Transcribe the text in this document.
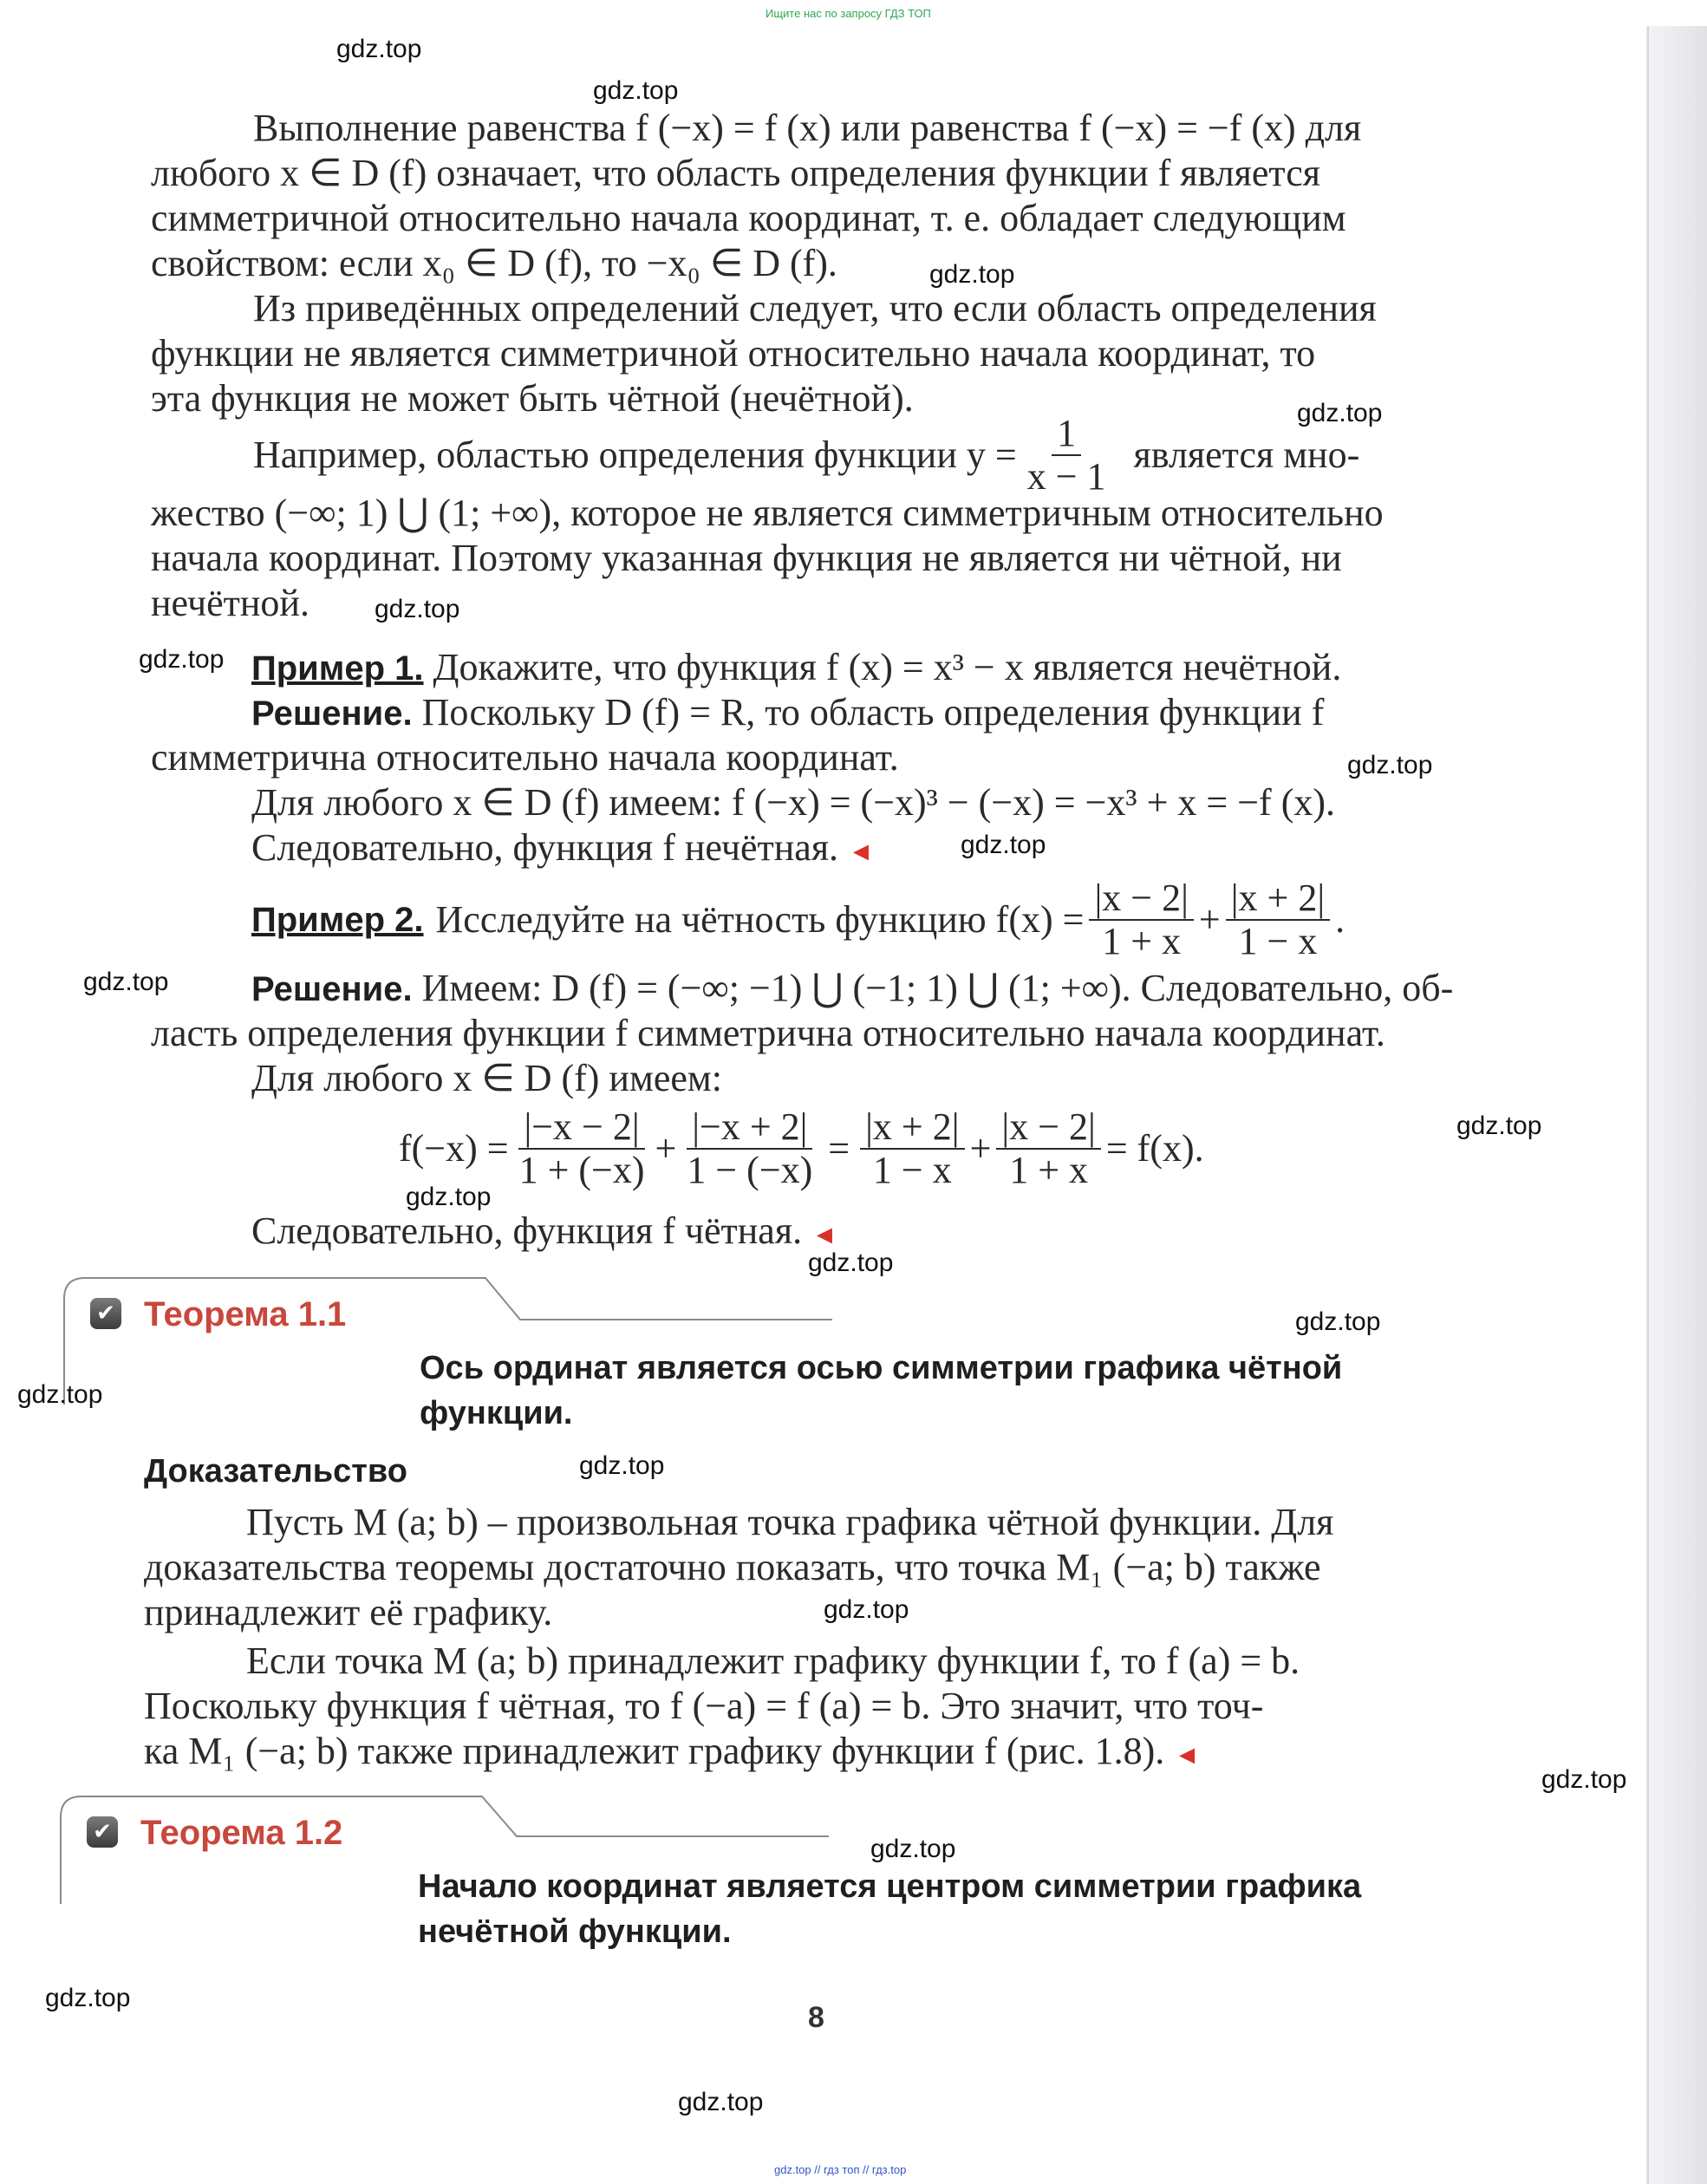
Ищите нас по запросу ГДЗ ТОП
gdz.top // гдз топ // гдз.top
Выполнение равенства f (−x) = f (x) или равенства f (−x) = −f (x) для
любого x ∈ D (f) означает, что область определения функции f является
симметричной относительно начала координат, т. е. обладает следующим
свойством: если x₀ ∈ D (f), то −x₀ ∈ D (f).
Из приведённых определений следует, что если область определения
функции не является симметричной относительно начала координат, то
эта функция не может быть чётной (нечётной).
Например, областью определения функции $y = \frac{1}{x - 1}$ является мно-
жество (−∞; 1) ⋃ (1; +∞), которое не является симметричным относительно
начала координат. Поэтому указанная функция не является ни чётной, ни
нечётной.
Пример 1. Докажите, что функция f (x) = x³ − x является нечётной.
Решение. Поскольку D (f) = R, то область определения функции f
симметрична относительно начала координат.
Для любого x ∈ D (f) имеем: f (−x) = (−x)³ − (−x) = −x³ + x = −f (x).
Следовательно, функция f нечётная. ◄
Пример 2. Исследуйте на чётность функцию $f(x) = \frac{|x - 2|}{1 + x} + \frac{|x + 2|}{1 - x}$ .
Решение. Имеем: D (f) = (−∞; −1) ⋃ (−1; 1) ⋃ (1; +∞). Следовательно, об-
ласть определения функции f симметрична относительно начала координат.
Для любого x ∈ D (f) имеем:
$f(-x) = \frac{|-x - 2|}{1 + (-x)} + \frac{|-x + 2|}{1 - (-x)} = \frac{|x + 2|}{1 - x} + \frac{|x - 2|}{1 + x} = f(x)$.
Следовательно, функция f чётная. ◄
✔ Теорема 1.1
Ось ординат является осью симметрии графика чётной
функции.
Доказательство
Пусть M (a; b) – произвольная точка графика чётной функции. Для
доказательства теоремы достаточно показать, что точка M₁ (−a; b) также
принадлежит её графику.
Если точка M (a; b) принадлежит графику функции f, то f (a) = b.
Поскольку функция f чётная, то f (−a) = f (a) = b. Это значит, что точ-
ка M₁ (−a; b) также принадлежит графику функции f (рис. 1.8). ◄
✔ Теорема 1.2
Начало координат является центром симметрии графика
нечётной функции.
8
gdz.top
gdz.top
gdz.top
gdz.top
gdz.top
gdz.top
gdz.top
gdz.top
gdz.top
gdz.top
gdz.top
gdz.top
gdz.top
gdz.top
gdz.top
gdz.top
gdz.top
gdz.top
gdz.top
gdz.top
